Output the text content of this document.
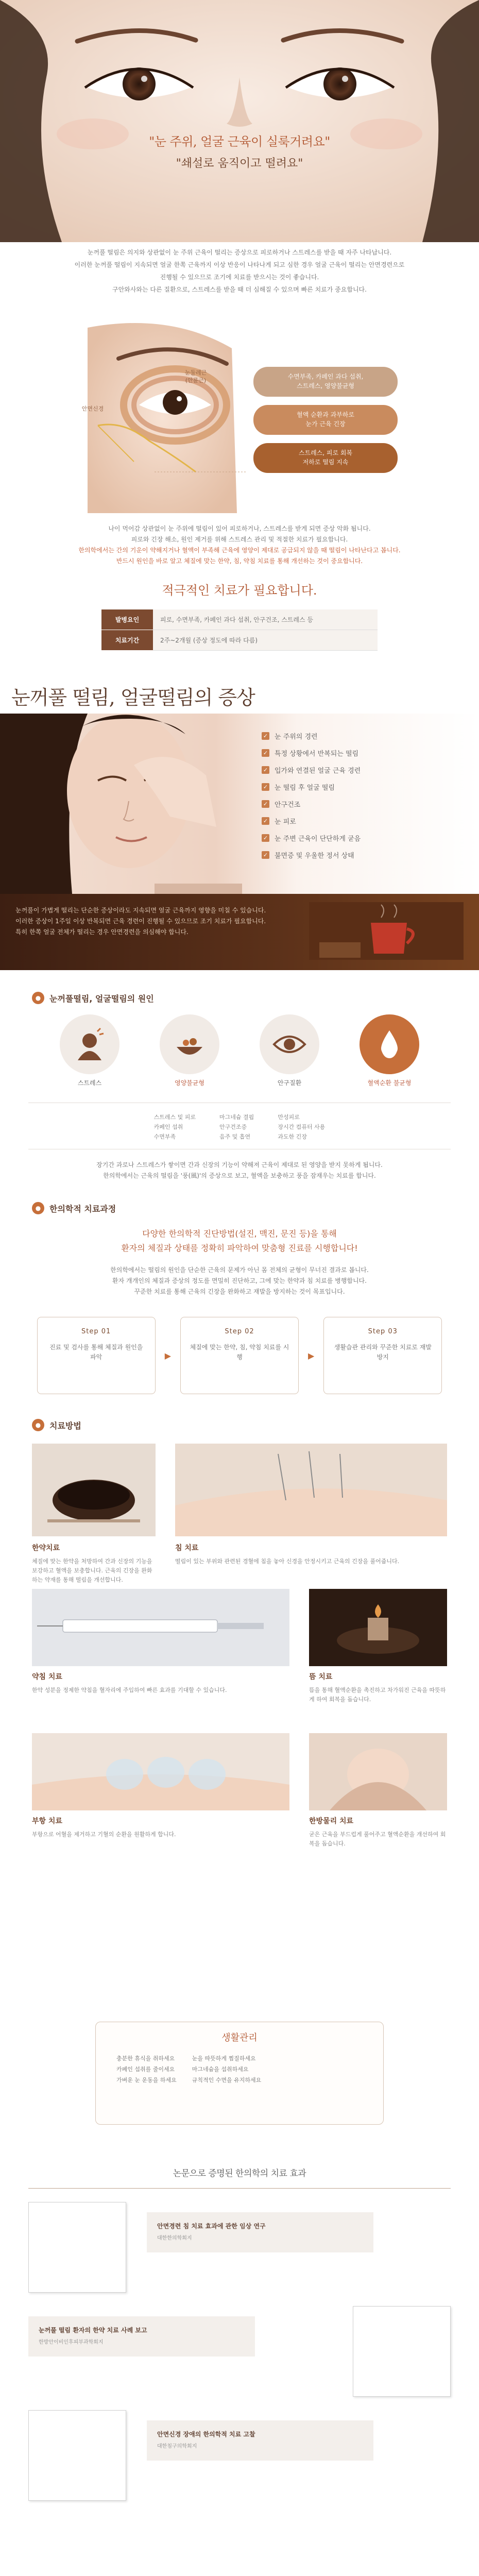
"눈 주위, 얼굴 근육이 실룩거려요"
"쇄설로 움직이고 떨려요"

눈꺼풀 떨림은 의지와 상관없이 눈 주위 근육이 떨리는 증상으로 피로하거나 스트레스를 받을 때 자주 나타납니다.

이러한 눈꺼풀 떨림이 지속되면 얼굴 한쪽 근육까지 이상 반응이 나타나게 되고 심한 경우 얼굴 근육이 떨리는 안면경련으로

진행될 수 있으므로 조기에 치료를 받으시는 것이 좋습니다.

구안와사와는 다른 질환으로, 스트레스를 받을 때 더 심해질 수 있으며 빠른 치료가 중요합니다.

눈둘레근
(안륜근)
안면신경
수면부족, 카페인 과다 섭취,
스트레스, 영양불균형
혈액 순환과 과부하로
눈가 근육 긴장
스트레스, 피로 회복
저하로 떨림 지속

나이 먹어감 상관없이 눈 주위에 떨림이 있어 피로하거나, 스트레스를 받게 되면 증상 악화 됩니다.

피로와 긴장 해소, 원인 제거를 위해 스트레스 관리 및 적절한 치료가 필요합니다.

한의학에서는 간의 기운이 약해지거나 혈액이 부족해 근육에 영양이 제대로 공급되지 않을 때 떨림이 나타난다고 봅니다.

반드시 원인을 바로 알고 체질에 맞는 한약, 침, 약침 치료를 통해 개선하는 것이 중요합니다.

적극적인 치료가 필요합니다.
발병요인	피로, 수면부족, 카페인 과다 섭취, 안구건조, 스트레스 등
치료기간	2주~2개월 (증상 정도에 따라 다름)
눈꺼풀 떨림, 얼굴떨림의 증상
✓ 눈 주위의 경련
✓ 특정 상황에서 반복되는 떨림
✓ 입가와 연결된 얼굴 근육 경련
✓ 눈 떨림 후 얼굴 떨림
✓ 안구건조
✓ 눈 피로
✓ 눈 주변 근육이 단단하게 굳음
✓ 불면증 및 우울한 정서 상태

눈꺼풀이 가볍게 떨리는 단순한 증상이라도 지속되면 얼굴 근육까지 영향을 미칠 수 있습니다.

이러한 증상이 1주일 이상 반복되면 근육 경련이 진행될 수 있으므로 조기 치료가 필요합니다.

특히 한쪽 얼굴 전체가 떨리는 경우 안면경련을 의심해야 합니다.

●	눈꺼풀떨림, 얼굴떨림의 원인
스트레스	영양불균형	안구질환	혈액순환 불균형
스트레스 및 피로
카페인 섭취
수면부족
마그네슘 결핍
안구건조증
음주 및 흡연
만성피로
장시간 컴퓨터 사용
과도한 긴장

장기간 과로나 스트레스가 쌓이면 간과 신장의 기능이 약해져 근육이 제대로 된 영양을 받지 못하게 됩니다.

한의학에서는 근육의 떨림을 '풍(風)'의 증상으로 보고, 혈액을 보충하고 풍을 잠재우는 치료를 합니다.

●	한의학적 치료과정
다양한 한의학적 진단방법(설진, 맥진, 문진 등)을 통해
환자의 체질과 상태를 정확히 파악하여 맞춤형 진료를 시행합니다!

한의학에서는 떨림의 원인을 단순한 근육의 문제가 아닌 몸 전체의 균형이 무너진 결과로 봅니다.

환자 개개인의 체질과 증상의 정도를 면밀히 진단하고, 그에 맞는 한약과 침 치료를 병행합니다.

꾸준한 치료를 통해 근육의 긴장을 완화하고 재발을 방지하는 것이 목표입니다.

Step 01
진료 및 검사를 통해 체질과 원인을 파악	▶
Step 02
체질에 맞는 한약, 침, 약침 치료를 시행	▶
Step 03
생활습관 관리와 꾸준한 치료로 재발 방지
●	치료방법
한약치료
체질에 맞는 한약을 처방하여 간과 신장의 기능을 보강하고 혈액을 보충합니다. 근육의 긴장을 완화하는 약재를 통해 떨림을 개선합니다.
침 치료
떨림이 있는 부위와 관련된 경혈에 침을 놓아 신경을 안정시키고 근육의 긴장을 풀어줍니다.
뜸 치료
뜸을 통해 혈액순환을 촉진하고 차가워진 근육을 따뜻하게 하여 회복을 돕습니다.
약침 치료
한약 성분을 정제한 약침을 혈자리에 주입하여 빠른 효과를 기대할 수 있습니다.
한방물리 치료
굳은 근육을 부드럽게 풀어주고 혈액순환을 개선하여 회복을 돕습니다.
부항 치료
부항으로 어혈을 제거하고 기혈의 순환을 원활하게 합니다.
생활관리
충분한 휴식을 취하세요
카페인 섭취를 줄이세요
가벼운 눈 운동을 하세요
눈을 따뜻하게 찜질하세요
마그네슘을 섭취하세요
규칙적인 수면을 유지하세요
논문으로 증명된 한의학의 치료 효과
안면경련 침 치료 효과에 관한 임상 연구
대한한의학회지
눈꺼풀 떨림 환자의 한약 치료 사례 보고
한방안이비인후피부과학회지
안면신경 장애의 한의학적 치료 고찰
대한침구의학회지
